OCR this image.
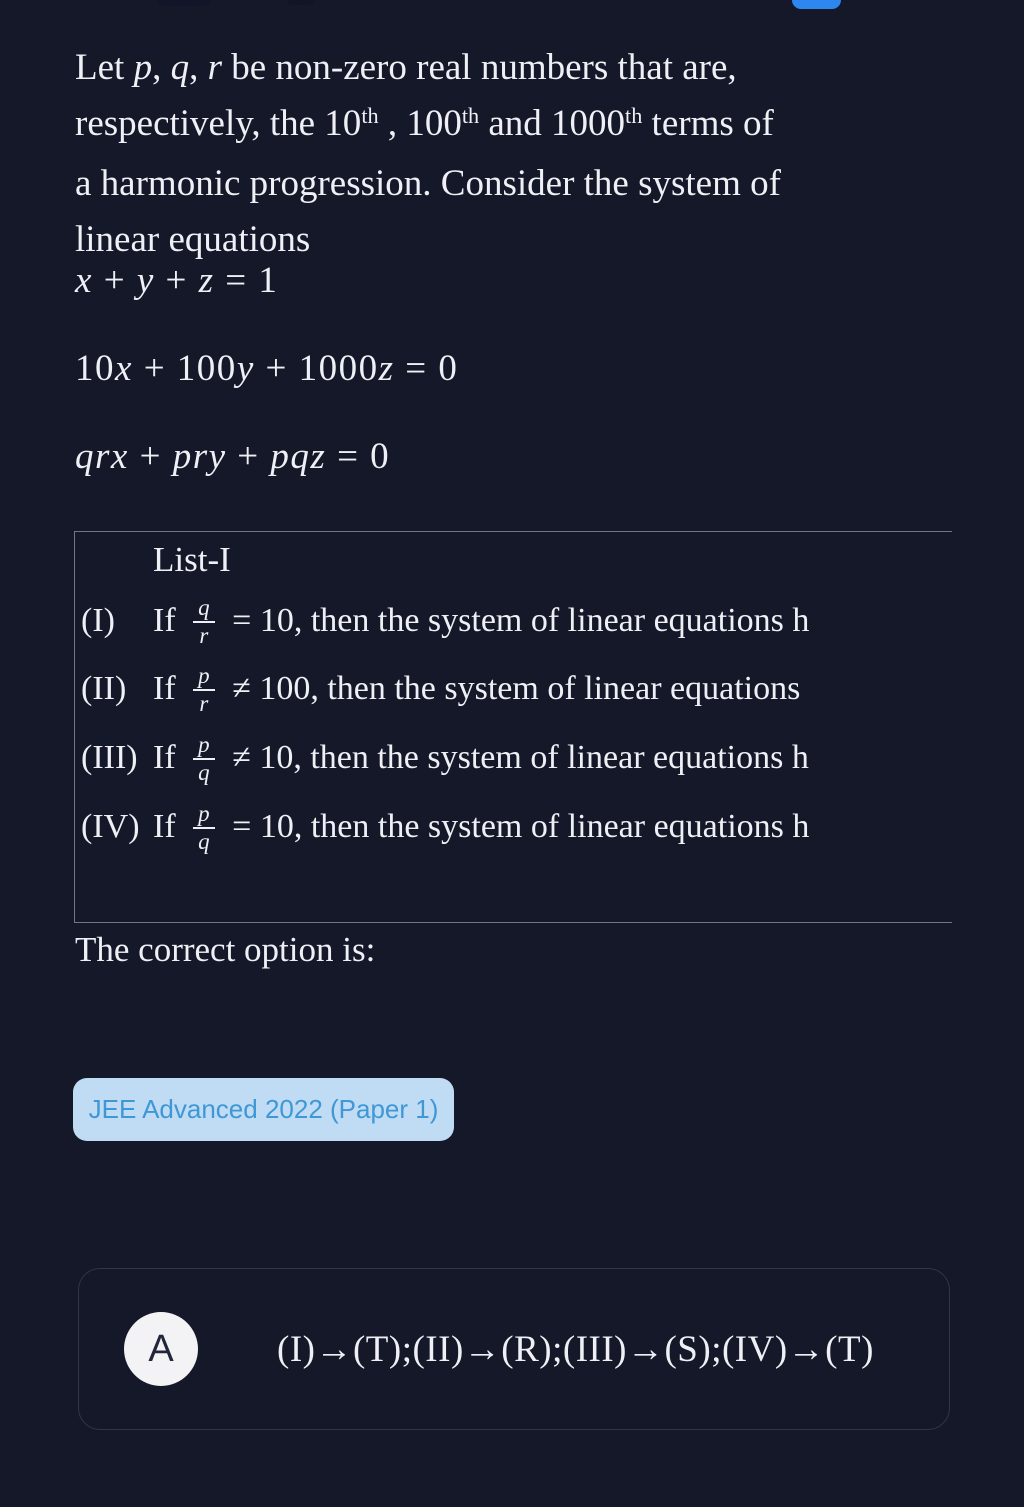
Let p, q, r be non-zero real numbers that are,
respectively, the 10th , 100th and 1000th terms of
a harmonic progression. Consider the system of
linear equations
x + y + z = 1
10x + 100y + 1000z = 0
qrx + pry + pqz = 0
List-I
(I)	If $\frac{q}{r} = 10$, then the system of linear equations h
(II) If $\frac{p}{r} \ne 100$, then the system of linear equations
(III) If $\frac{p}{q} \ne 10$, then the system of linear equations h
(IV) If $\frac{p}{q} = 10$, then the system of linear equations h
The correct option is:
JEE Advanced 2022 (Paper 1)
A	(I)→(T);(II)→(R);(III)→(S);(IV)→(T)
